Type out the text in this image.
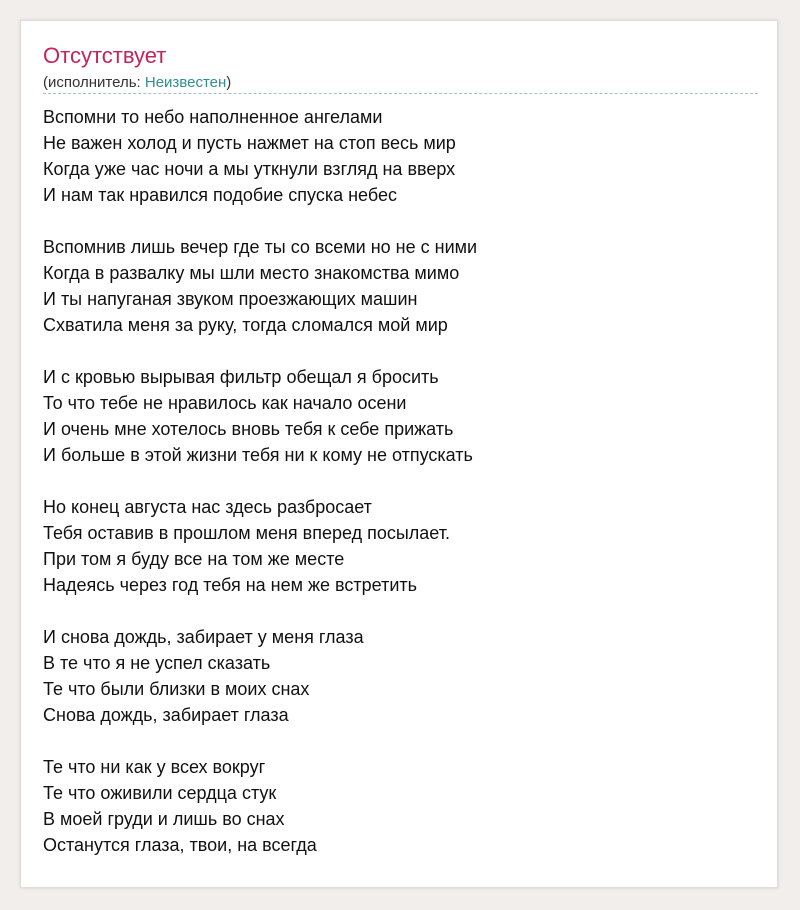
Отсутствует
(исполнитель: Неизвестен)
Вспомни то небо наполненное ангелами
Не важен холод и пусть нажмет на стоп весь мир
Когда уже час ночи а мы уткнули взгляд на вверх
И нам так нравился подобие спуска небес
Вспомнив лишь вечер где ты со всеми но не с ними
Когда в развалку мы шли место знакомства мимо
И ты напуганая звуком проезжающих машин
Схватила меня за руку, тогда сломался мой мир
И с кровью вырывая фильтр обещал я бросить
То что тебе не нравилось как начало осени
И очень мне хотелось вновь тебя к себе прижать
И больше в этой жизни тебя ни к кому не отпускать
Но конец августа нас здесь разбросает
Тебя оставив в прошлом меня вперед посылает.
При том я буду все на том же месте
Надеясь через год тебя на нем же встретить
И снова дождь, забирает у меня глаза
В те что я не успел сказать
Те что были близки в моих снах
Снова дождь, забирает глаза
Те что ни как у всех вокруг
Те что оживили сердца стук
В моей груди и лишь во снах
Останутся глаза, твои, на всегда
